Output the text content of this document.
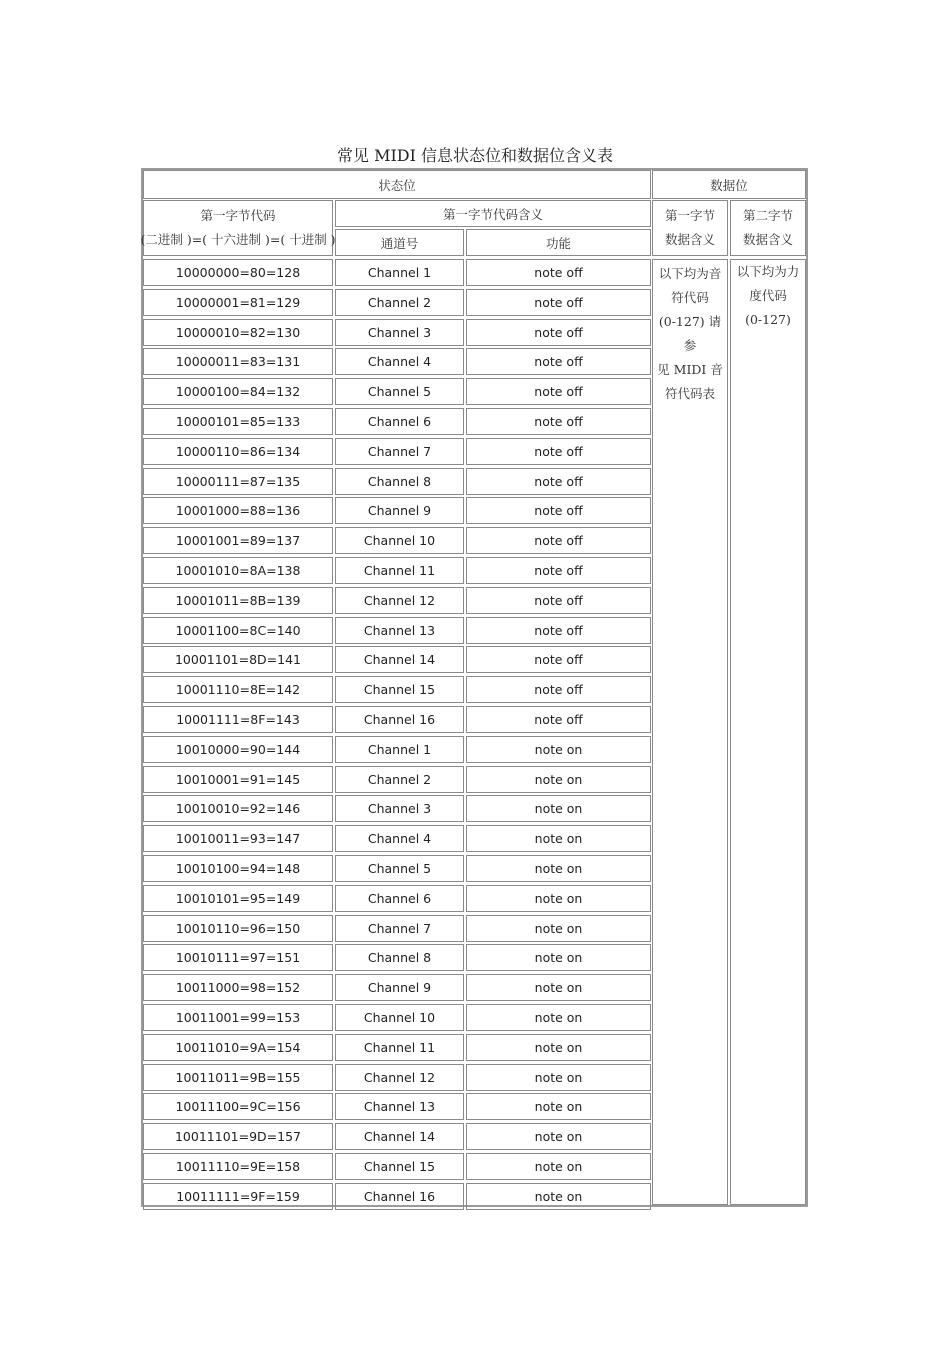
常见 MIDI 信息状态位和数据位含义表
状态位	数据位
第一字节代码
(二进制 )=( 十六进制 )=( 十进制 )
第一字节代码含义
通道号	功能
第一字节
数据含义
第二字节
数据含义
以下均为音
符代码
(0-127) 请参
见 MIDI 音
符代码表
以下均为力
度代码
(0-127)
10000000=80=128	Channel 1	note off
10000001=81=129	Channel 2	note off
10000010=82=130	Channel 3	note off
10000011=83=131	Channel 4	note off
10000100=84=132	Channel 5	note off
10000101=85=133	Channel 6	note off
10000110=86=134	Channel 7	note off
10000111=87=135	Channel 8	note off
10001000=88=136	Channel 9	note off
10001001=89=137	Channel 10	note off
10001010=8A=138	Channel 11	note off
10001011=8B=139	Channel 12	note off
10001100=8C=140	Channel 13	note off
10001101=8D=141	Channel 14	note off
10001110=8E=142	Channel 15	note off
10001111=8F=143	Channel 16	note off
10010000=90=144	Channel 1	note on
10010001=91=145	Channel 2	note on
10010010=92=146	Channel 3	note on
10010011=93=147	Channel 4	note on
10010100=94=148	Channel 5	note on
10010101=95=149	Channel 6	note on
10010110=96=150	Channel 7	note on
10010111=97=151	Channel 8	note on
10011000=98=152	Channel 9	note on
10011001=99=153	Channel 10	note on
10011010=9A=154	Channel 11	note on
10011011=9B=155	Channel 12	note on
10011100=9C=156	Channel 13	note on
10011101=9D=157	Channel 14	note on
10011110=9E=158	Channel 15	note on
10011111=9F=159	Channel 16	note on
